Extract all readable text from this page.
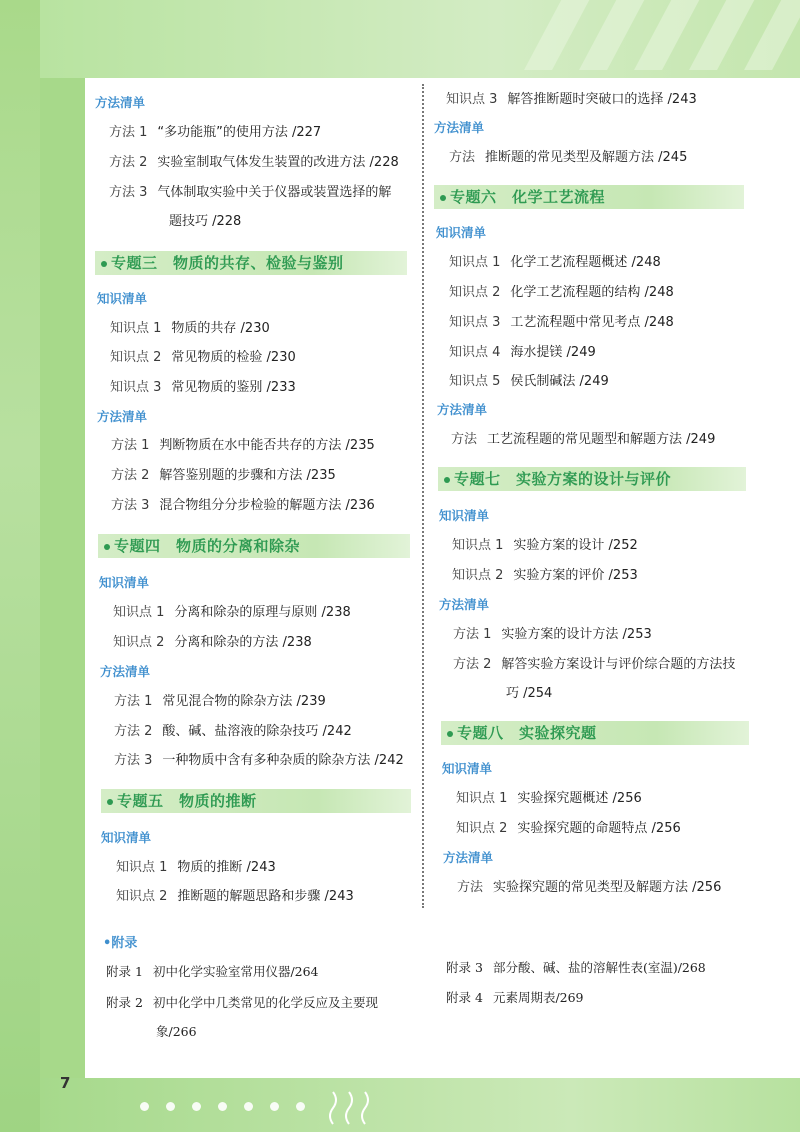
7
方法清单
方法 1 “多功能瓶”的使用方法 /227
方法 2 实验室制取气体发生装置的改进方法 /228
方法 3 气体制取实验中关于仪器或装置选择的解
题技巧 /228
专题三　物质的共存、检验与鉴别
知识清单
知识点 1 物质的共存 /230
知识点 2 常见物质的检验 /230
知识点 3 常见物质的鉴别 /233
方法清单
方法 1 判断物质在水中能否共存的方法 /235
方法 2 解答鉴别题的步骤和方法 /235
方法 3 混合物组分分步检验的解题方法 /236
专题四　物质的分离和除杂
知识清单
知识点 1 分离和除杂的原理与原则 /238
知识点 2 分离和除杂的方法 /238
方法清单
方法 1 常见混合物的除杂方法 /239
方法 2 酸、碱、盐溶液的除杂技巧 /242
方法 3 一种物质中含有多种杂质的除杂方法 /242
专题五　物质的推断
知识清单
知识点 1 物质的推断 /243
知识点 2 推断题的解题思路和步骤 /243
知识点 3 解答推断题时突破口的选择 /243
方法清单
方法 推断题的常见类型及解题方法 /245
专题六　化学工艺流程
知识清单
知识点 1 化学工艺流程题概述 /248
知识点 2 化学工艺流程题的结构 /248
知识点 3 工艺流程题中常见考点 /248
知识点 4 海水提镁 /249
知识点 5 侯氏制碱法 /249
方法清单
方法 工艺流程题的常见题型和解题方法 /249
专题七　实验方案的设计与评价
知识清单
知识点 1 实验方案的设计 /252
知识点 2 实验方案的评价 /253
方法清单
方法 1 实验方案的设计方法 /253
方法 2 解答实验方案设计与评价综合题的方法技
巧 /254
专题八　实验探究题
知识清单
知识点 1 实验探究题概述 /256
知识点 2 实验探究题的命题特点 /256
方法清单
方法 实验探究题的常见类型及解题方法 /256
•附录
附录 1 初中化学实验室常用仪器/264
附录 2 初中化学中几类常见的化学反应及主要现
象/266
附录 3 部分酸、碱、盐的溶解性表(室温)/268
附录 4 元素周期表/269
